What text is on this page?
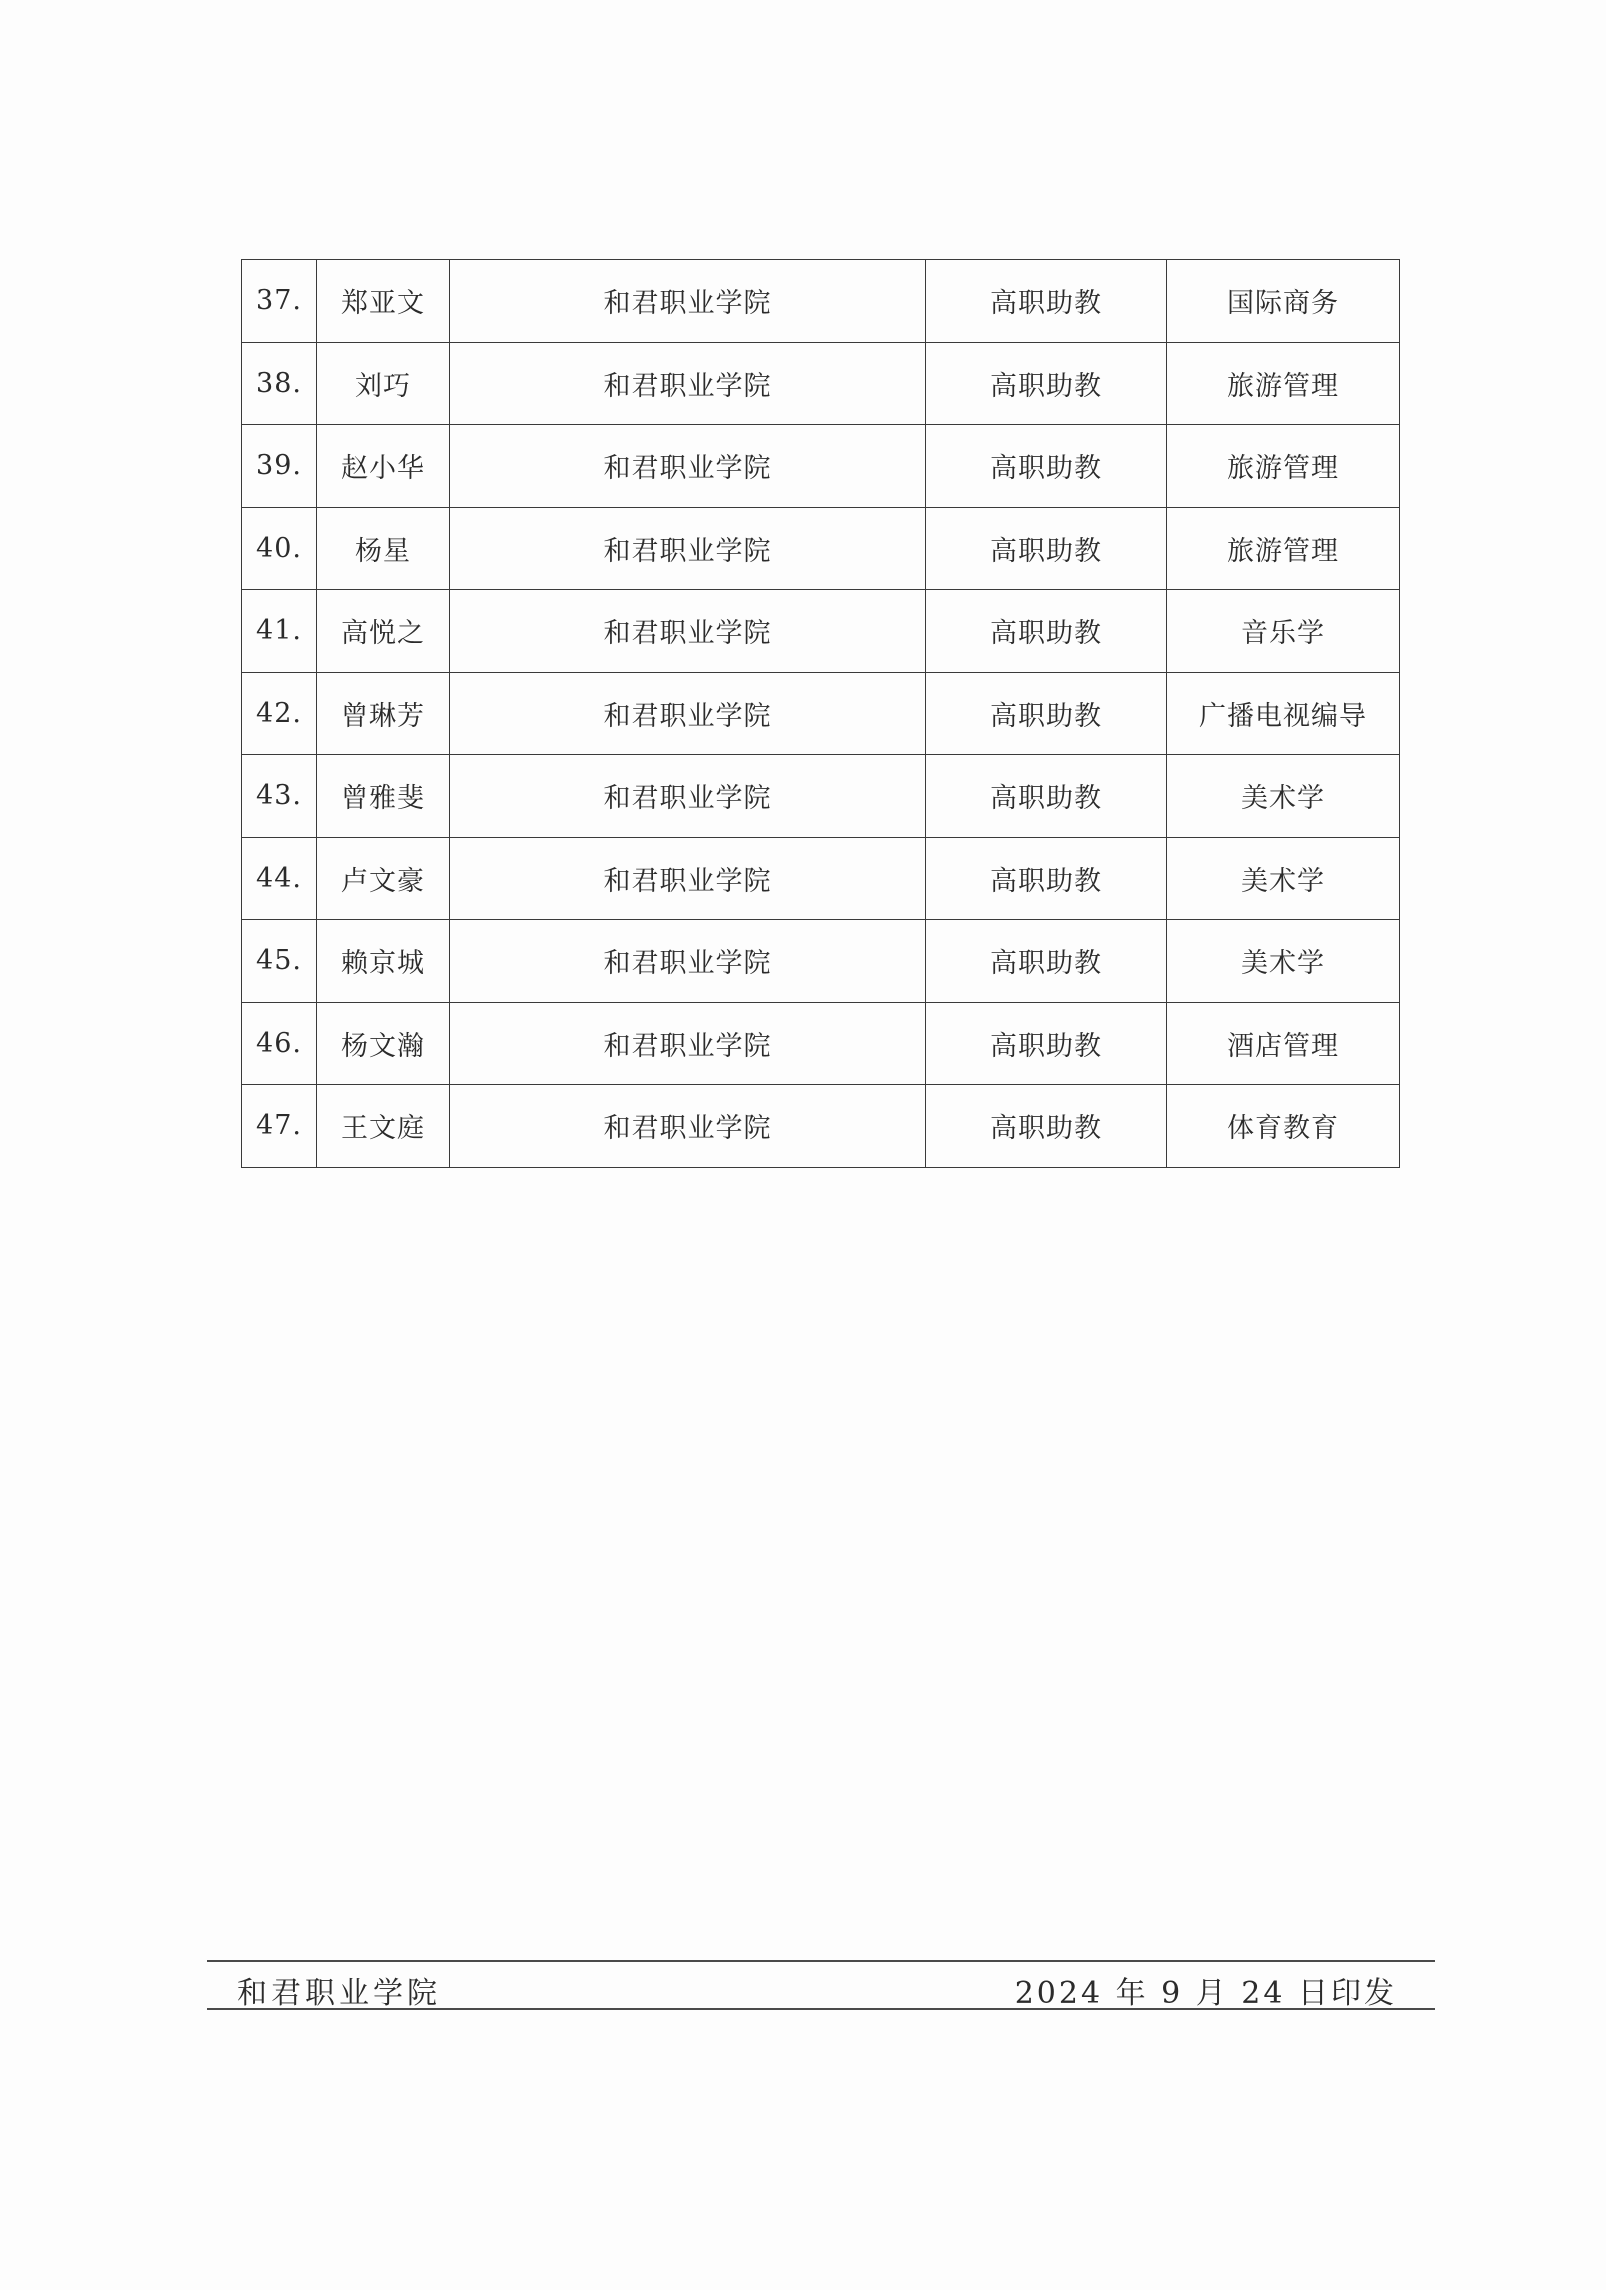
37.	郑亚文	和君职业学院	高职助教	国际商务
38.	刘巧	和君职业学院	高职助教	旅游管理
39.	赵小华	和君职业学院	高职助教	旅游管理
40.	杨星	和君职业学院	高职助教	旅游管理
41.	高悦之	和君职业学院	高职助教	音乐学
42.	曾琳芳	和君职业学院	高职助教	广播电视编导
43.	曾雅斐	和君职业学院	高职助教	美术学
44.	卢文豪	和君职业学院	高职助教	美术学
45.	赖京城	和君职业学院	高职助教	美术学
46.	杨文瀚	和君职业学院	高职助教	酒店管理
47.	王文庭	和君职业学院	高职助教	体育教育
和君职业学院	2024 年 9 月 24 日印发
